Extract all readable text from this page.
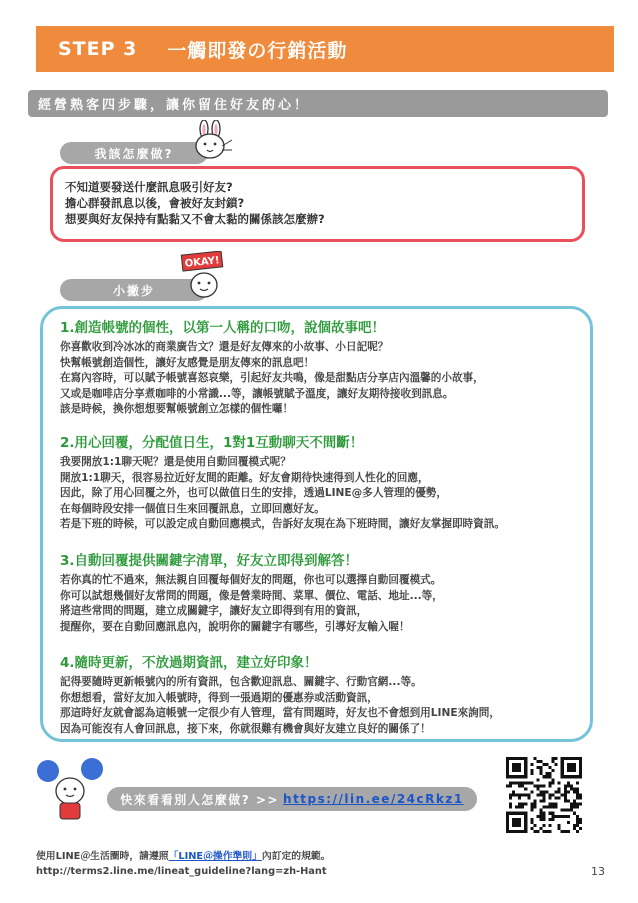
STEP 3 一觸即發の行銷活動
經營熟客四步驟，讓你留住好友的心！
我該怎麼做?
不知道要發送什麼訊息吸引好友?
擔心群發訊息以後，會被好友封鎖?
想要與好友保持有點黏又不會太黏的關係該怎麼辦?
小撇步
OKAY!
1.創造帳號的個性，以第一人稱的口吻，說個故事吧！

你喜歡收到冷冰冰的商業廣告文？還是好友傳來的小故事、小日記呢？

快幫帳號創造個性，讓好友感覺是朋友傳來的訊息吧！

在寫內容時，可以賦予帳號喜怒哀樂，引起好友共鳴，像是甜點店分享店內溫馨的小故事，

又或是咖啡店分享煮咖啡的小常識...等，讓帳號賦予溫度，讓好友期待接收到訊息。

該是時候，換你想想要幫帳號創立怎樣的個性囉！

2.用心回覆，分配值日生，1對1互動聊天不間斷！

我要開放1:1聊天呢？還是使用自動回覆模式呢？

開放1:1聊天，很容易拉近好友間的距離。好友會期待快速得到人性化的回應，

因此，除了用心回覆之外，也可以做值日生的安排，透過LINE@多人管理的優勢，

在每個時段安排一個值日生來回覆訊息，立即回應好友。

若是下班的時候，可以設定成自動回應模式，告訴好友現在為下班時間，讓好友掌握即時資訊。

3.自動回覆提供關鍵字清單，好友立即得到解答！

若你真的忙不過來，無法親自回覆每個好友的問題，你也可以選擇自動回覆模式。

你可以試想幾個好友常問的問題，像是營業時間、菜單、價位、電話、地址...等，

將這些常問的問題，建立成關鍵字，讓好友立即得到有用的資訊，

提醒你，要在自動回應訊息內，說明你的關鍵字有哪些，引導好友輸入喔！

4.隨時更新，不放過期資訊，建立好印象！

記得要隨時更新帳號內的所有資訊，包含歡迎訊息、關鍵字、行動官網...等。

你想想看，當好友加入帳號時，得到一張過期的優惠券或活動資訊，

那這時好友就會認為這帳號一定很少有人管理，當有問題時，好友也不會想到用LINE來詢問，

因為可能沒有人會回訊息，接下來，你就很難有機會與好友建立良好的關係了！

快來看看別人怎麼做? >> https://lin.ee/24cRkz1
使用LINE＠生活圈時，請遵照「LINE＠操作準則」內訂定的規範。
http://terms2.line.me/lineat_guideline?lang=zh-Hant	13
